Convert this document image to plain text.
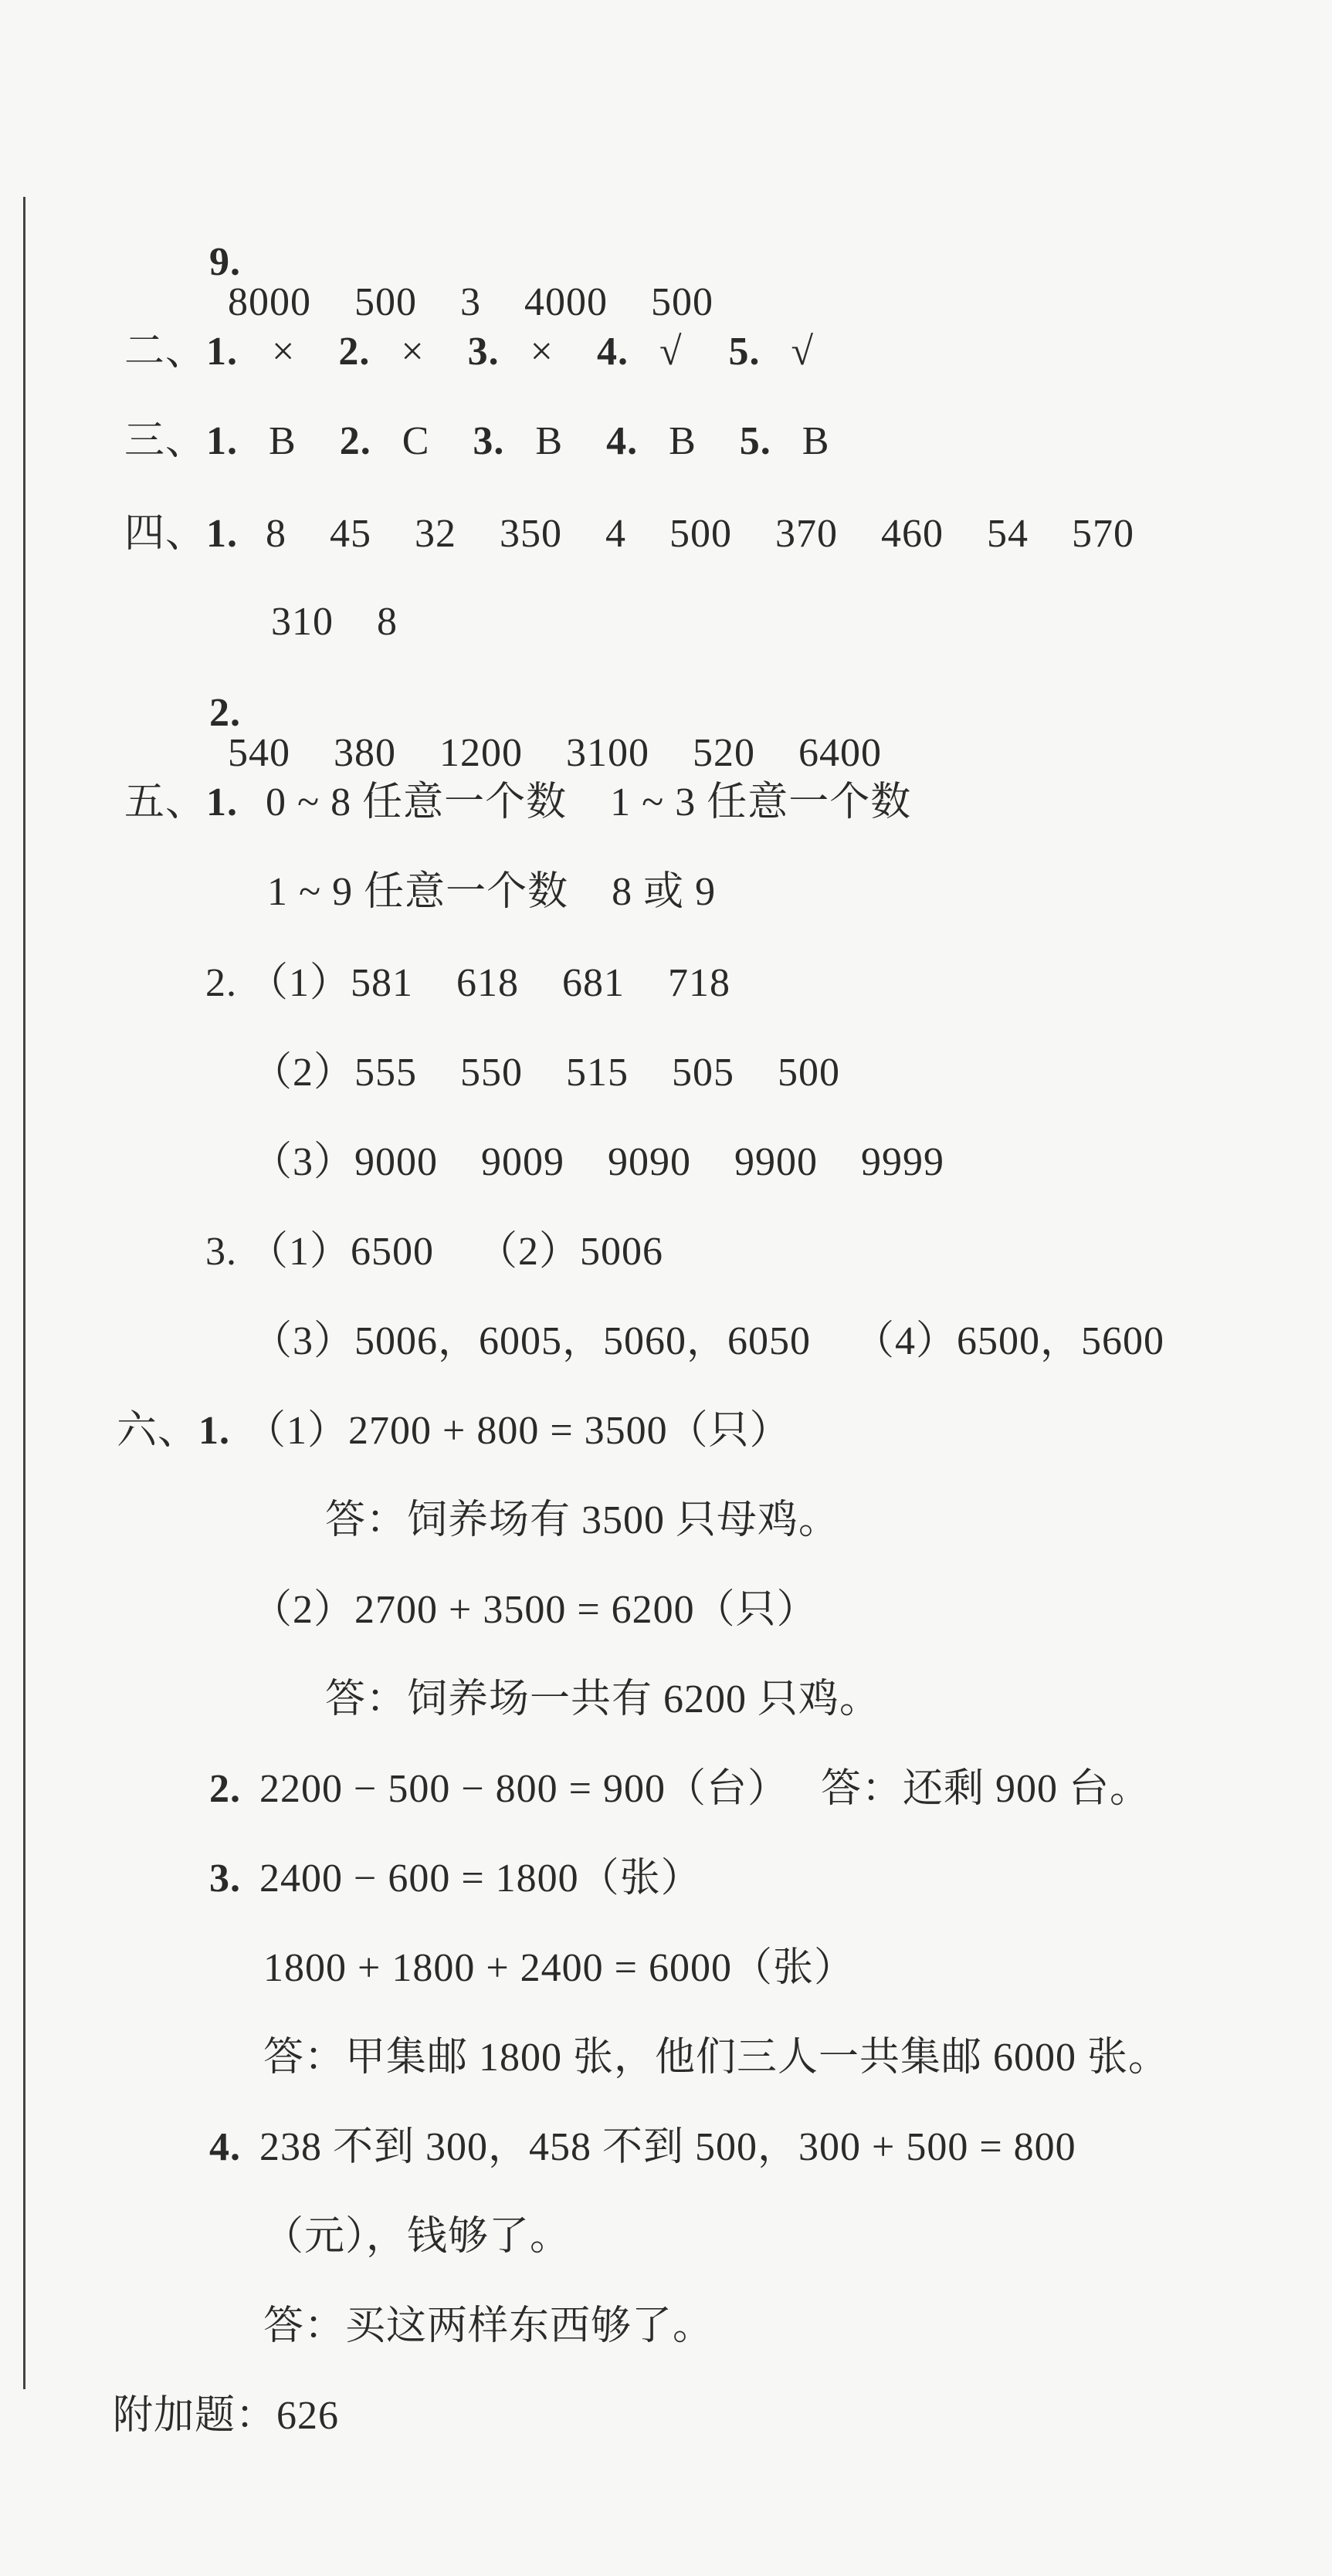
9.
8000    500    3    4000    500

二、1. × 2. × 3. × 4. √ 5. √

三、1. B 2. C 3. B 4. B 5. B

四、1. 8    45    32    350    4    500    370    460    54    570

310    8

2.
540    380    1200    3100    520    6400

五、1. 0 ~ 8 任意一个数    1 ~ 3 任意一个数

1 ~ 9 任意一个数    8 或 9

2. （1）581    618    681    718

（2）555    550    515    505    500

（3）9000    9009    9090    9900    9999

3. （1）6500    （2）5006

（3）5006，6005，5060，6050    （4）6500，5600

六、1. （1）2700 + 800 = 3500（只）

答：饲养场有 3500 只母鸡。

（2）2700 + 3500 = 6200（只）

答：饲养场一共有 6200 只鸡。

2. 2200 − 500 − 800 = 900（台）   答：还剩 900 台。

3. 2400 − 600 = 1800（张）

1800 + 1800 + 2400 = 6000（张）

答：甲集邮 1800 张，他们三人一共集邮 6000 张。

4. 238 不到 300，458 不到 500，300 + 500 = 800

（元），钱够了。

答：买这两样东西够了。

附加题：626
